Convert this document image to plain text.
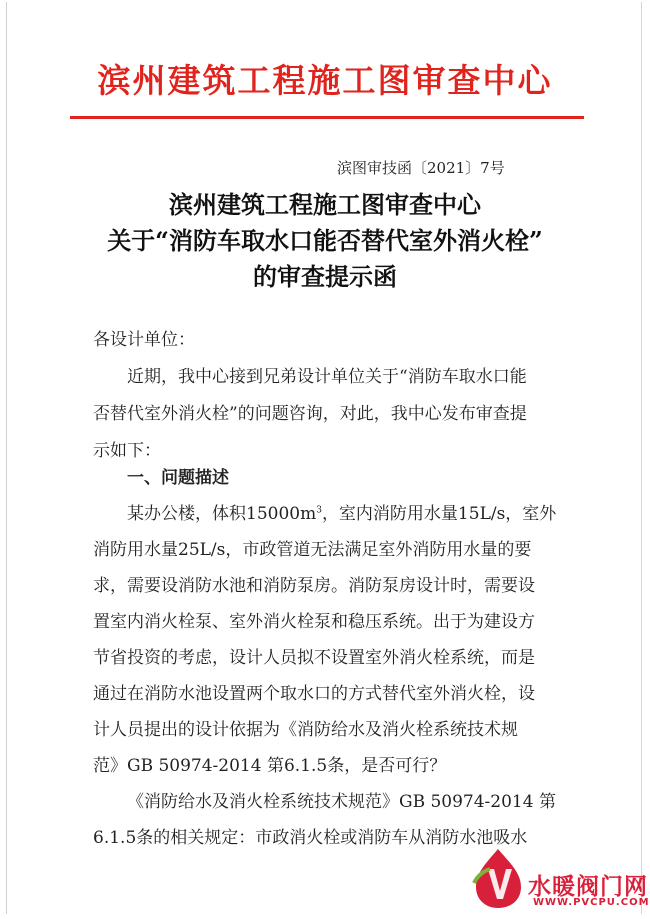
滨州建筑工程施工图审查中心
滨图审技函〔2021〕7号
滨州建筑工程施工图审查中心
关于“消防车取水口能否替代室外消火栓”
的审查提示函
各设计单位：
近期，我中心接到兄弟设计单位关于“消防车取水口能
否替代室外消火栓”的问题咨询，对此，我中心发布审查提
示如下：
一、问题描述
某办公楼，体积$15000m^3$，室内消防用水量15L/s，室外
消防用水量25L/s，市政管道无法满足室外消防用水量的要
求，需要设消防水池和消防泵房。消防泵房设计时，需要设
置室内消火栓泵、室外消火栓泵和稳压系统。出于为建设方
节省投资的考虑，设计人员拟不设置室外消火栓系统，而是
通过在消防水池设置两个取水口的方式替代室外消火栓，设
计人员提出的设计依据为《消防给水及消火栓系统技术规
范》GB 50974-2014 第6.1.5条，是否可行？
《消防给水及消火栓系统技术规范》GB 50974-2014 第
6.1.5条的相关规定：市政消火栓或消防车从消防水池吸水
水暖阀门网
WWW.PVCPU.COM
